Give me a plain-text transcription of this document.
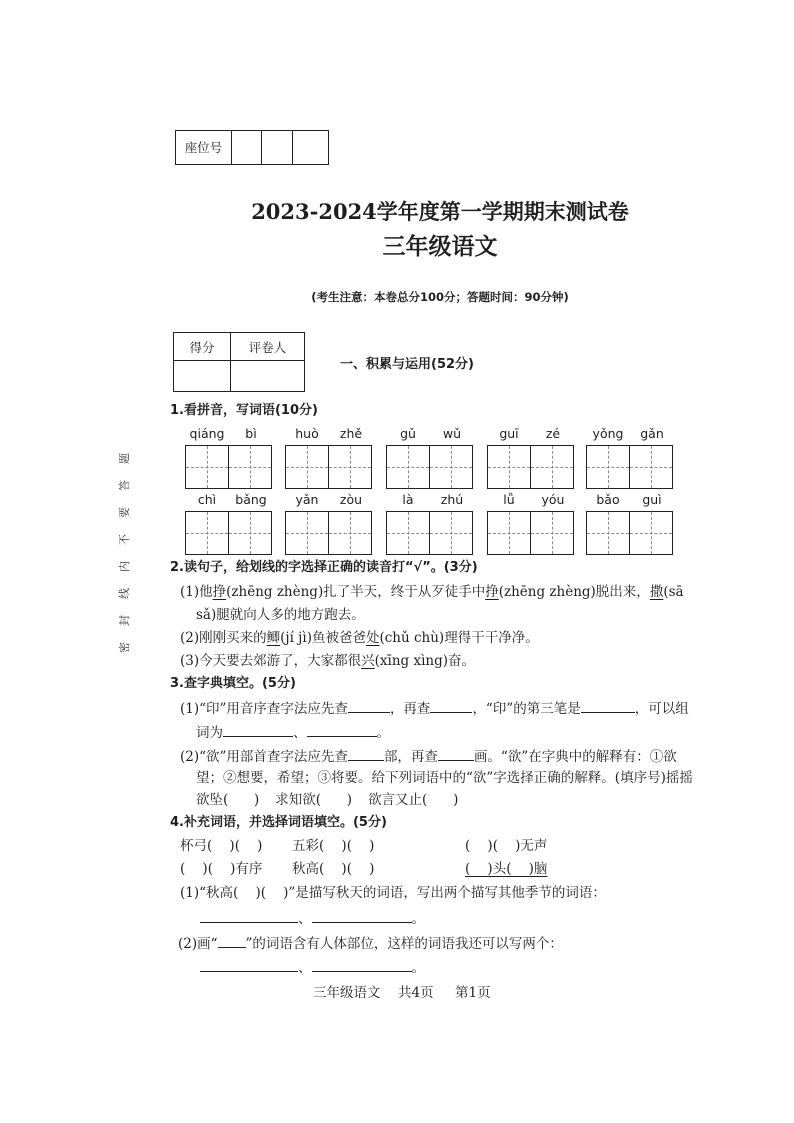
座位号
2023-2024学年度第一学期期末测试卷
三年级语文
(考生注意：本卷总分100分；答题时间：90分钟)
得分	评卷人

一、积累与运用(52分)
密封线内不要答题
1.看拼音，写词语(10分)
qiáng	bì	huò	zhě	gǔ	wǔ	guī	zé	yǒng	gǎn
chì	bǎng	yǎn	zòu	là	zhú	lǚ	yóu	bǎo	guì
2.读句子，给划线的字选择正确的读音打“√”。(3分)
(1)他挣(zhēng zhèng)扎了半天，终于从歹徒手中挣(zhēng zhèng)脱出来，撒(sā
sǎ)腿就向人多的地方跑去。
(2)刚刚买来的鲫(jí jì)鱼被爸爸处(chǔ chù)理得干干净净。
(3)今天要去郊游了，大家都很兴(xīng xìng)奋。
3.查字典填空。(5分)
(1)“印”用音序查字法应先查	，再查	，“印”的第三笔是	，可以组
词为	、	。
(2)“欲”用部首查字法应先查	部，再查	画。“欲”在字典中的解释有：①欲
望；②想要，希望；③将要。给下列词语中的“欲”字选择正确的解释。(填序号)摇摇
欲坠(      ) 求知欲(      ) 欲言又止(      )
4.补充词语，并选择词语填空。(5分)
杯弓(    )(    ) 五彩(    )(    )	(    )(    )无声
(    )(    )有序 秋高(    )(    )	(    )头(    )脑
(1)“秋高(    )(    )”是描写秋天的词语，写出两个描写其他季节的词语：
、	。
(2)画“ ”的词语含有人体部位，这样的词语我还可以写两个：
、	。
三年级语文 共4页 第1页
